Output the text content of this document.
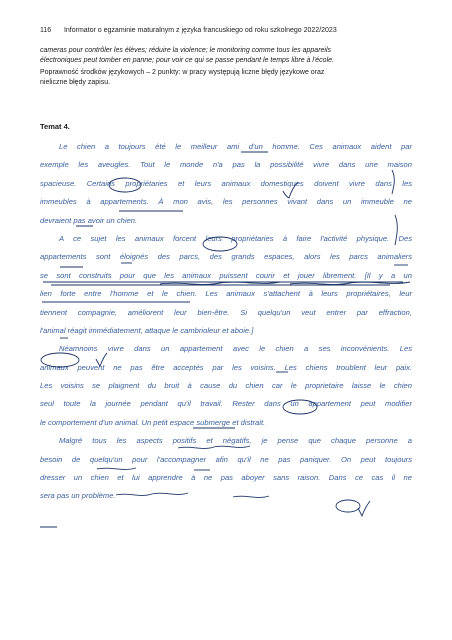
116 Informator o egzaminie maturalnym z języka francuskiego od roku szkolnego 2022/2023
cameras pour contrôler les élèves; réduire la violence; le monitoring comme tous les appareils
électroniques peut tomber en panne; pour voir ce qui se passe pendant le temps libre à l'école.
Poprawność środków językowych – 2 punkty: w pracy występują liczne błędy językowe oraz
nieliczne błędy zapisu.
Temat 4.
Le chien a toujours été le meilleur ami d'un homme. Ces animaux aident par
exemple les aveugles. Tout le monde n'a pas la possibilité vivre dans une maison
spacieuse. Certains propriétaries et leurs animaux domestiques doivent vivre dans les
immeubles à appartements. À mon avis, les personnes vivant dans un immeuble ne
devraient pas avoir un chien.
A ce sujet les animaux forcent leurs propriétaries à faire l'activité physique. Des
appartements sont éloignés des parcs, des grands espaces, alors les parcs animaliers
se sont construits pour que les animaux puissent courir et jouer librement. [Il y a un
lien forte entre l'homme et le chien. Les animaux s'attachent à leurs propriétaires, leur
tiennent compagnie, améliorent leur bien-être. Si quelqu'un veut entrer par effraction,
l'animal réagit immédiatement, attaque le cambrioleur et aboie.]
Néamnoins vivre dans un appartement avec le chien a ses inconvénients. Les
animaux peuvent ne pas être acceptés par les voisins. Les chiens troublent leur paix.
Les voisins se plaignent du bruit à cause du chien car le proprietaire laisse le chien
seul toute la journée pendant qu'il travail. Rester dans un appartement peut modifier
le comportement d'un animal. Un petit espace submerge et distrait.
Malgré tous les aspects positifs et négatifs, je pense que chaque personne a
besoin de quelqu'un pour l'accompagner afin qu'il ne pas paniquer. On peut toujours
dresser un chien et lui apprendre à ne pas aboyer sans raison. Dans ce cas il ne
sera pas un problème.
